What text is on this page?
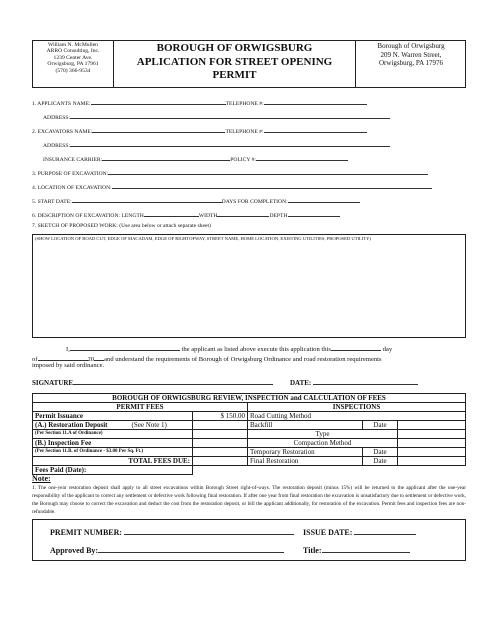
William N. McMullen
ARRO Consulting, Inc.
1239 Center Ave.
Orwigsburg, PA 17961
(570) 366-9534
BOROUGH OF ORWIGSBURG
APLICATION FOR STREET OPENING
PERMIT
Borough of Orwigsburg
209 N. Warren Street,
Orwigsburg, PA 17976
1. APPLICANTS NAME:	TELEPHONE #:
ADDRESS:
2. EXCAVATORS NAME:	TELEPHONE #:
ADDRESS:
INSURANCE CARRIER:	POLICY #:
3. PURPOSE OF EXCAVATION:
4. LOCATION OF EXCAVATION:
5. START DATE:	DAYS FOR COMPLETION:
6. DESCRIPTION OF EXCAVATION: LENGTH	WIDTH	DEPTH
7. SKETCH OF PROPOSED WORK: (Use area below or attach separate sheet)
(SHOW LOCATION OF ROAD CUT, EDGE OF MACADAM, EDGE OF RIGHTOFWAY, STREET NAME, HOME LOCATION, EXISTING UTILITIES, PROPOSED UTILITY)
I,	the applicant as listed above execute this application this	day
of	20 and understand the requirements of Borough of Orwigsburg Ordinance and road restoration requirements
imposed by said ordinance.
SIGNATURE	DATE:
BOROUGH OF ORWIGSBURG REVIEW, INSPECTION and CALCULATION OF FEES				
PERMIT FEES		INSPECTIONS		
Permit Issuance	$ 150.00	Road Cutting Method		
(A.) Restoration Deposit (See Note 1)		Backfill	Date	
(Per Section 11.A of Ordinance)		Type		
(B.) Inspection Fee		Compaction Method		
(Per Section 11.B. of Ordinance - $3.00 Per Sq. Ft.)		Temporary Restoration	Date	
TOTAL FEES DUE:		Final Restoration	Date	
Fees Paid (Date):				
Note:
1. The one-year restoration deposit shall apply to all street excavations within Borough Street right-of-ways. The restoration deposit (minus 15%) will be returned to the applicant after the one-year responsibility of the applicant to correct any settlement or defective work following final restoration. If after one year from final restoration the excavation is unsatisfactory due to settlement or defective work, the Borough may choose to correct the excavation and deduct the cost from the restoration deposit, or bill the applicant additionally, for restoration of the excavation. Permit fees and inspection fees are non-refundable.
PREMIT NUMBER:	ISSUE DATE:
Approved By:	Title:
